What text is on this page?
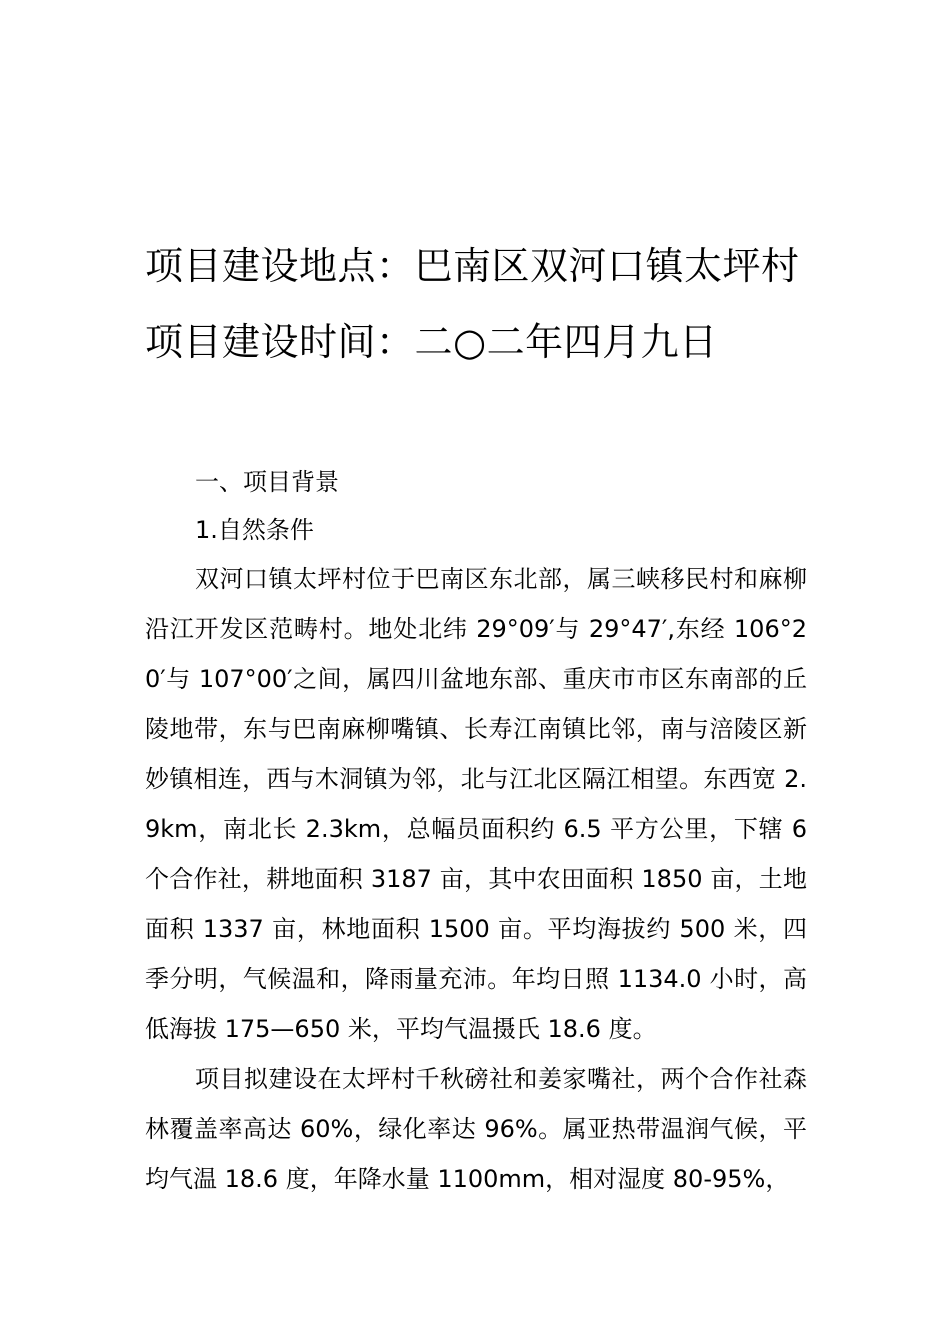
项目建设地点：巴南区双河口镇太坪村
项目建设时间：二○二年四月九日
一、项目背景
1.自然条件

双河口镇太坪村位于巴南区东北部，属三峡移民村和麻柳沿江开发区范畴村。地处北纬 29°09′与 29°47′,东经 106°20′与 107°00′之间，属四川盆地东部、重庆市市区东南部的丘陵地带，东与巴南麻柳嘴镇、长寿江南镇比邻，南与涪陵区新妙镇相连，西与木洞镇为邻，北与江北区隔江相望。东西宽 2.9km，南北长 2.3km，总幅员面积约 6.5 平方公里，下辖 6 个合作社，耕地面积 3187 亩，其中农田面积 1850 亩，土地面积 1337 亩，林地面积 1500 亩。平均海拔约 500 米，四季分明，气候温和，降雨量充沛。年均日照 1134.0 小时，高低海拔 175—650 米，平均气温摄氏 18.6 度。

项目拟建设在太坪村千秋磅社和姜家嘴社，两个合作社森林覆盖率高达 60%，绿化率达 96%。属亚热带温润气候，平均气温 18.6 度，年降水量 1100mm，相对湿度 80-95%，
